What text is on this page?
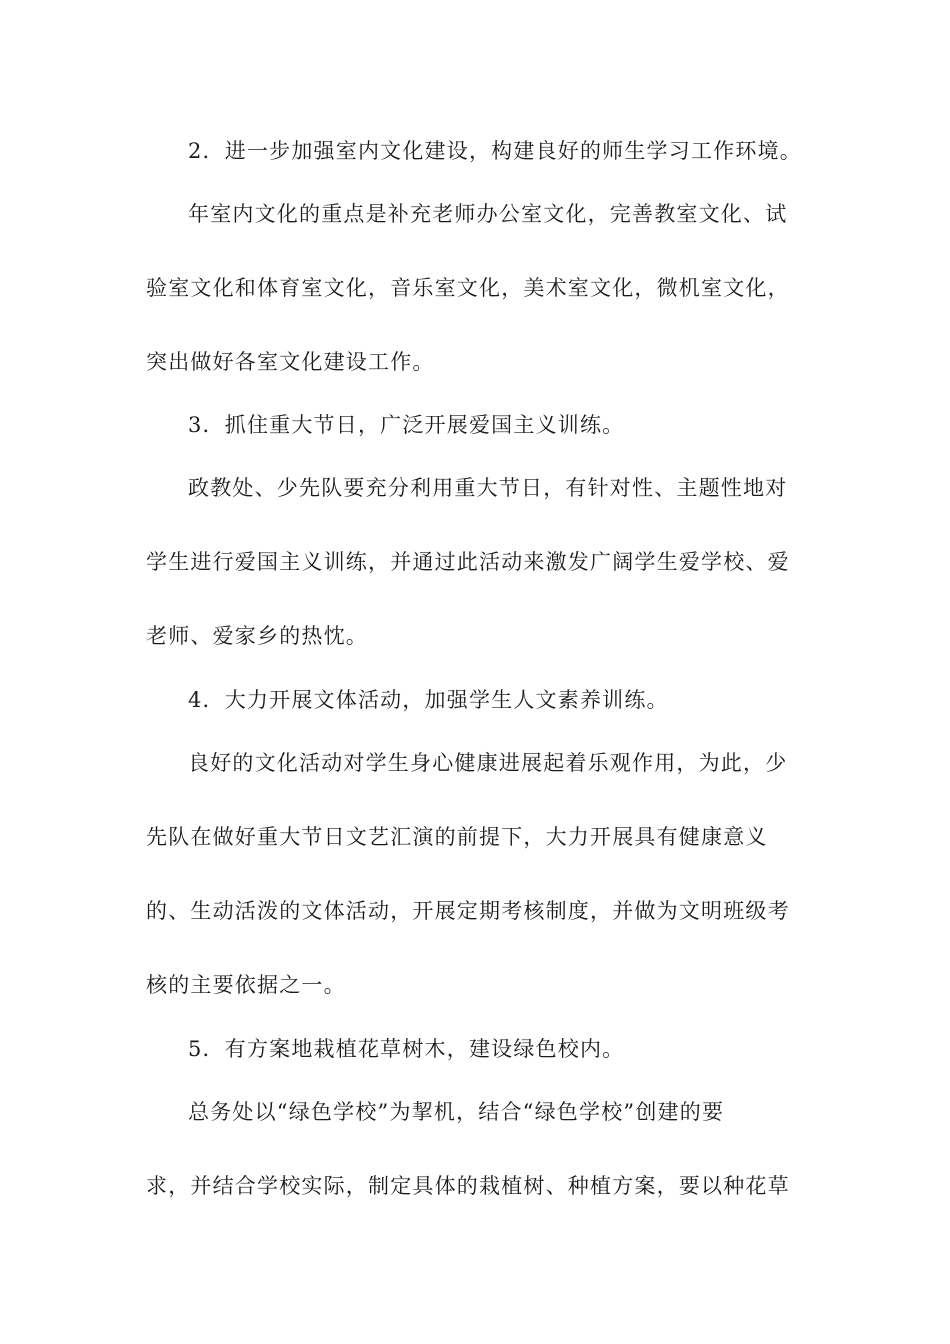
2．进一步加强室内文化建设，构建良好的师生学习工作环境。
年室内文化的重点是补充老师办公室文化，完善教室文化、试
验室文化和体育室文化，音乐室文化，美术室文化，微机室文化，
突出做好各室文化建设工作。
3．抓住重大节日，广泛开展爱国主义训练。
政教处、少先队要充分利用重大节日，有针对性、主题性地对
学生进行爱国主义训练，并通过此活动来激发广阔学生爱学校、爱
老师、爱家乡的热忱。
4．大力开展文体活动，加强学生人文素养训练。
良好的文化活动对学生身心健康进展起着乐观作用，为此，少
先队在做好重大节日文艺汇演的前提下，大力开展具有健康意义
的、生动活泼的文体活动，开展定期考核制度，并做为文明班级考
核的主要依据之一。
5．有方案地栽植花草树木，建设绿色校内。
总务处以“绿色学校”为挈机，结合“绿色学校”创建的要
求，并结合学校实际，制定具体的栽植树、种植方案，要以种花草
